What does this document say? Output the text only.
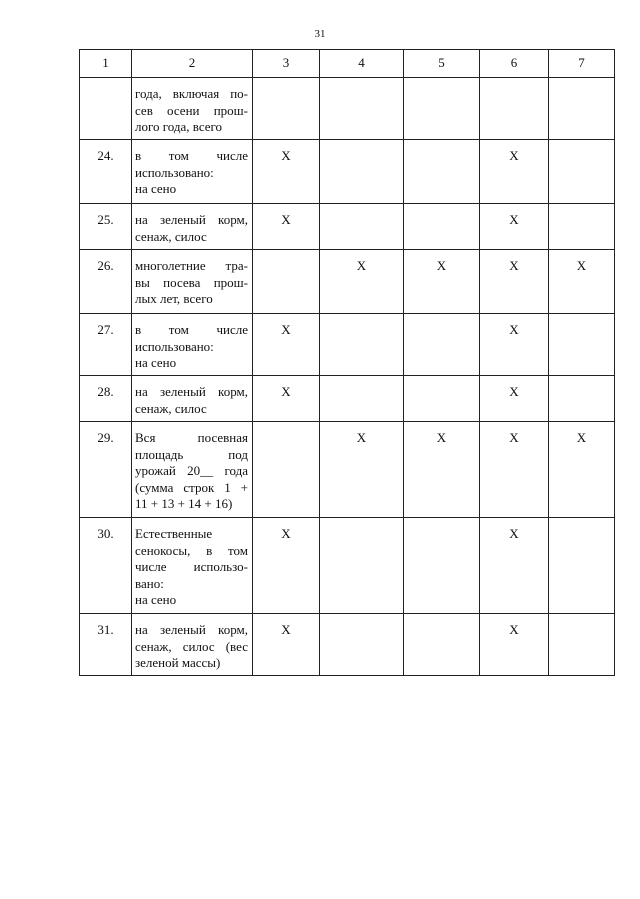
31
1	2	3	4	5	6	7

	года, включая по-
сев осени прош-
лого года, всего					

24.	в том числе
использовано:
на сено	Х			Х	
25.	на зеленый корм,
сенаж, силос	Х			Х	
26.	многолетние тра-
вы посева прош-
лых лет, всего		Х	Х	Х	Х
27.	в том числе
использовано:
на сено	Х			Х	
28.	на зеленый корм,
сенаж, силос	Х			Х	
29.	Вся посевная
площадь под
урожай 20__ года
(сумма строк 1 +
11 + 13 + 14 + 16)		Х	Х	Х	Х
30.	Естественные
сенокосы, в том
числе использо-
вано:
на сено	Х			Х	
31.	на зеленый корм,
сенаж, силос (вес
зеленой массы)	Х			Х	
